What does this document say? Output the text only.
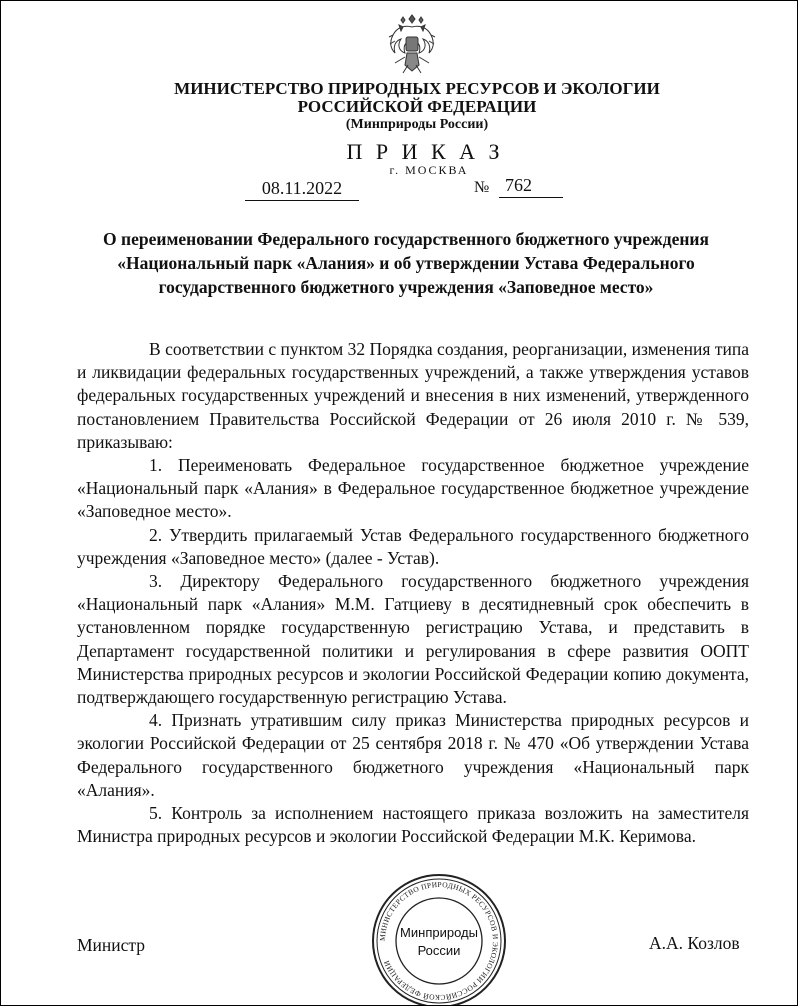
МИНИСТЕРСТВО ПРИРОДНЫХ РЕСУРСОВ И ЭКОЛОГИИ
РОССИЙСКОЙ ФЕДЕРАЦИИ
(Минприроды России)
П Р И К А З
г. МОСКВА
08.11.2022	№ 762
О переименовании Федерального государственного бюджетного учреждения
«Национальный парк «Алания» и об утверждении Устава Федерального
государственного бюджетного учреждения «Заповедное место»

В соответствии с пунктом 32 Порядка создания, реорганизации, изменения типа и ликвидации федеральных государственных учреждений, а также утверждения уставов федеральных государственных учреждений и внесения в них изменений, утвержденного постановлением Правительства Российской Федерации от 26 июля 2010 г. № 539, приказываю:

1. Переименовать Федеральное государственное бюджетное учреждение «Национальный парк «Алания» в Федеральное государственное бюджетное учреждение «Заповедное место».

2. Утвердить прилагаемый Устав Федерального государственного бюджетного учреждения «Заповедное место» (далее - Устав).

3. Директору Федерального государственного бюджетного учреждения «Национальный парк «Алания» М.М. Гатциеву в десятидневный срок обеспечить в установленном порядке государственную регистрацию Устава, и представить в Департамент государственной политики и регулирования в сфере развития ООПТ Министерства природных ресурсов и экологии Российской Федерации копию документа, подтверждающего государственную регистрацию Устава.

4. Признать утратившим силу приказ Министерства природных ресурсов и экологии Российской Федерации от 25 сентября 2018 г. № 470 «Об утверждении Устава Федерального государственного бюджетного учреждения «Национальный парк «Алания».

5. Контроль за исполнением настоящего приказа возложить на заместителя Министра природных ресурсов и экологии Российской Федерации М.К. Керимова.

Министр	А.А. Козлов
МИНИСТЕРСТВО ПРИРОДНЫХ РЕСУРСОВ И ЭКОЛОГИИ РОССИЙСКОЙ ФЕДЕРАЦИИ
Минприроды
России
